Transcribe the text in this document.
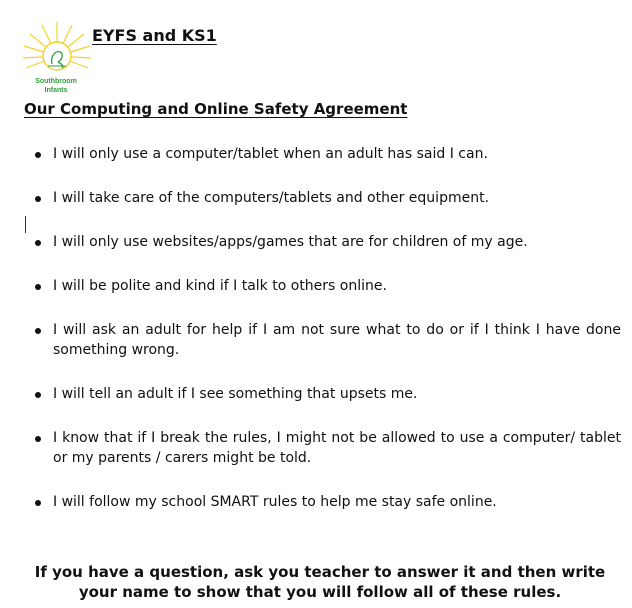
Southbroom
Infants
EYFS and KS1
Our Computing and Online Safety Agreement
I will only use a computer/tablet when an adult has said I can.
I will take care of the computers/tablets and other equipment.
I will only use websites/apps/games that are for children of my age.
I will be polite and kind if I talk to others online.
I will ask an adult for help if I am not sure what to do or if I think I have done something wrong.
I will tell an adult if I see something that upsets me.
I know that if I break the rules, I might not be allowed to use a computer/ tablet or my parents / carers might be told.
I will follow my school SMART rules to help me stay safe online.
If you have a question, ask you teacher to answer it and then write
your name to show that you will follow all of these rules.
